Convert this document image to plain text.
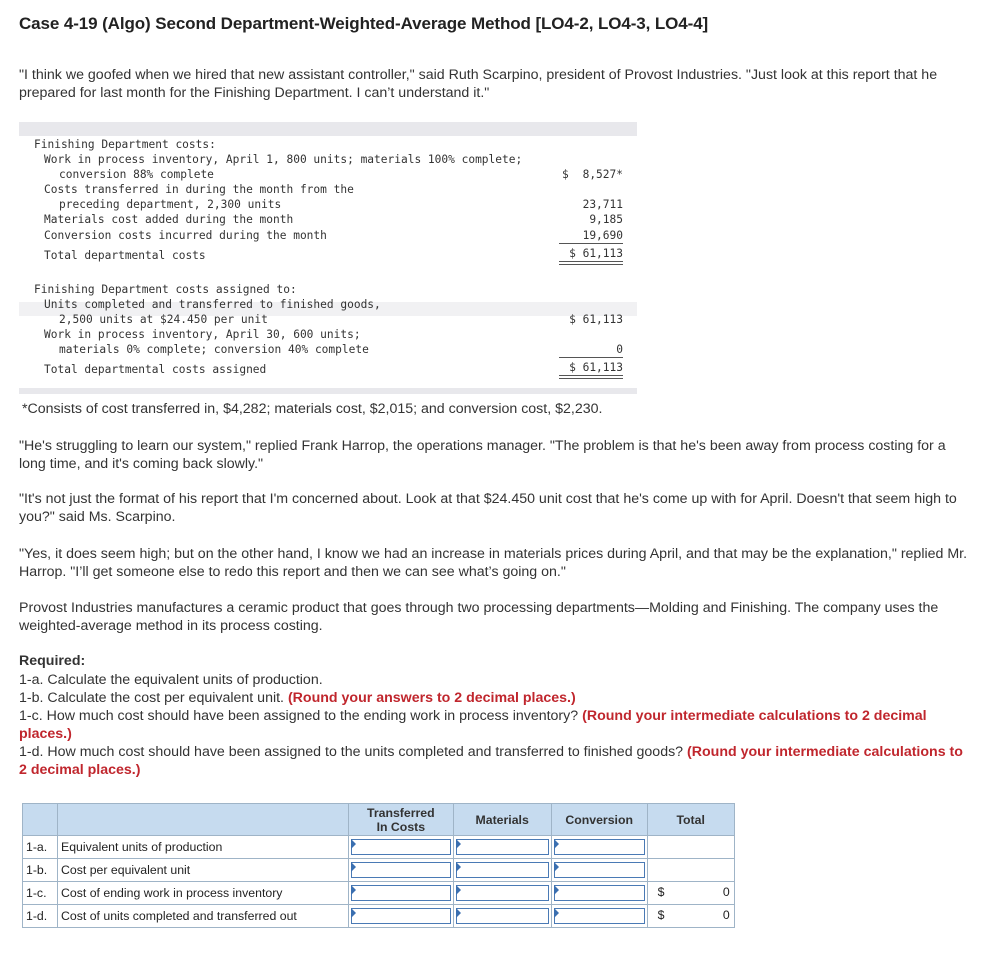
Case 4-19 (Algo) Second Department-Weighted-Average Method [LO4-2, LO4-3, LO4-4]
"I think we goofed when we hired that new assistant controller," said Ruth Scarpino, president of Provost Industries. "Just look at this report that he prepared for last month for the Finishing Department. I can’t understand it."
Finishing Department costs:
Work in process inventory, April 1, 800 units; materials 100% complete;
conversion 88% complete	$ 8,527*
Costs transferred in during the month from the
preceding department, 2,300 units	23,711
Materials cost added during the month	9,185
Conversion costs incurred during the month	19,690
Total departmental costs	$ 61,113
Finishing Department costs assigned to:
Units completed and transferred to finished goods,
2,500 units at $24.450 per unit	$ 61,113
Work in process inventory, April 30, 600 units;
materials 0% complete; conversion 40% complete	0
Total departmental costs assigned	$ 61,113
*Consists of cost transferred in, $4,282; materials cost, $2,015; and conversion cost, $2,230.
"He's struggling to learn our system," replied Frank Harrop, the operations manager. "The problem is that he's been away from process costing for a long time, and it's coming back slowly."
"It's not just the format of his report that I'm concerned about. Look at that $24.450 unit cost that he's come up with for April. Doesn't that seem high to you?" said Ms. Scarpino.
"Yes, it does seem high; but on the other hand, I know we had an increase in materials prices during April, and that may be the explanation," replied Mr. Harrop. "I’ll get someone else to redo this report and then we can see what’s going on."
Provost Industries manufactures a ceramic product that goes through two processing departments—Molding and Finishing. The company uses the weighted-average method in its process costing.
Required:
1-a. Calculate the equivalent units of production.
1-b. Calculate the cost per equivalent unit. (Round your answers to 2 decimal places.)
1-c. How much cost should have been assigned to the ending work in process inventory? (Round your intermediate calculations to 2 decimal places.)
1-d. How much cost should have been assigned to the units completed and transferred to finished goods? (Round your intermediate calculations to 2 decimal places.)
		Transferred In Costs	Materials	Conversion	Total
1-a.	Equivalent units of production	

1-b.	Cost per equivalent unit	

1-c.	Cost of ending work in process inventory				$ 0

1-d.	Cost of units completed and transferred out				$ 0
